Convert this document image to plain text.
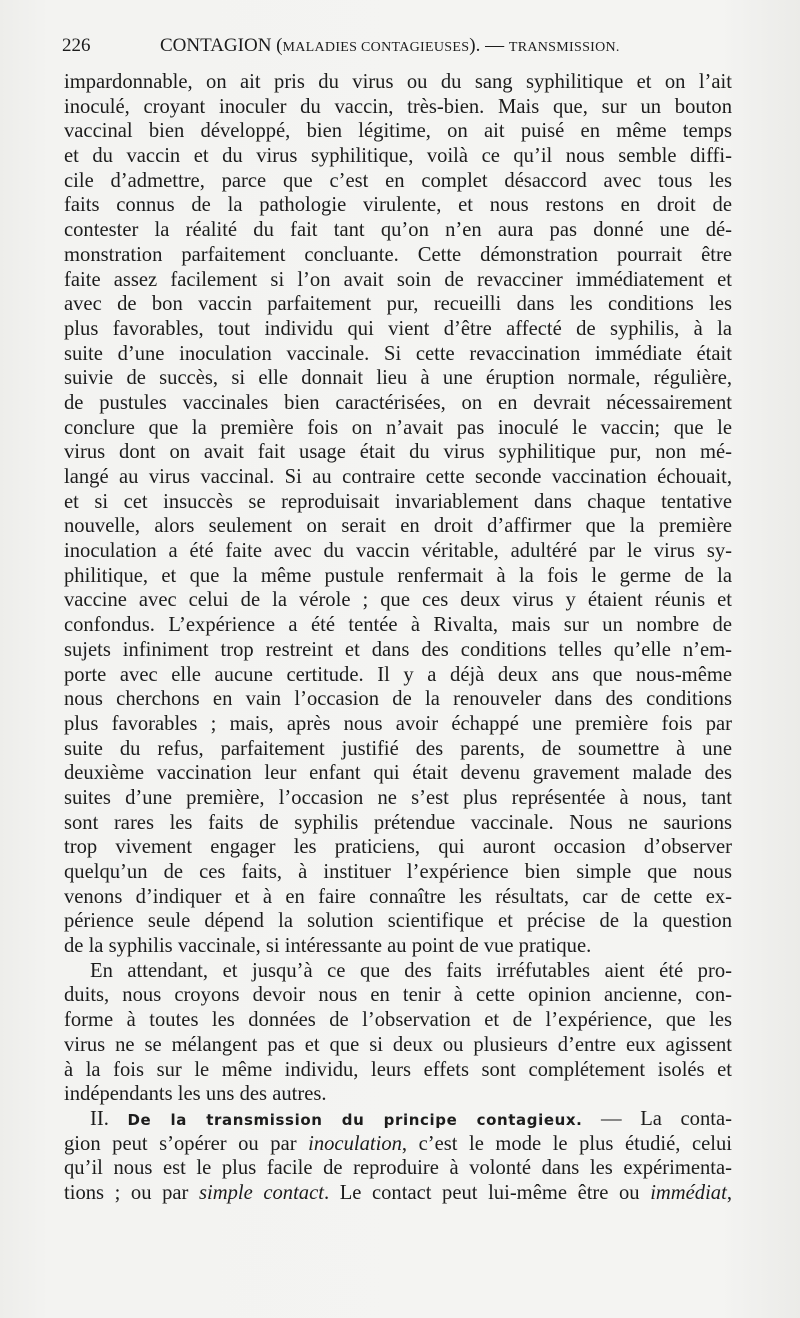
226	CONTAGION (MALADIES CONTAGIEUSES). — TRANSMISSION.
impardonnable, on ait pris du virus ou du sang syphilitique et on l’ait
inoculé, croyant inoculer du vaccin, très-bien. Mais que, sur un bouton
vaccinal bien développé, bien légitime, on ait puisé en même temps
et du vaccin et du virus syphilitique, voilà ce qu’il nous semble diffi-
cile d’admettre, parce que c’est en complet désaccord avec tous les
faits connus de la pathologie virulente, et nous restons en droit de
contester la réalité du fait tant qu’on n’en aura pas donné une dé-
monstration parfaitement concluante. Cette démonstration pourrait être
faite assez facilement si l’on avait soin de revacciner immédiatement et
avec de bon vaccin parfaitement pur, recueilli dans les conditions les
plus favorables, tout individu qui vient d’être affecté de syphilis, à la
suite d’une inoculation vaccinale. Si cette revaccination immédiate était
suivie de succès, si elle donnait lieu à une éruption normale, régulière,
de pustules vaccinales bien caractérisées, on en devrait nécessairement
conclure que la première fois on n’avait pas inoculé le vaccin; que le
virus dont on avait fait usage était du virus syphilitique pur, non mé-
langé au virus vaccinal. Si au contraire cette seconde vaccination échouait,
et si cet insuccès se reproduisait invariablement dans chaque tentative
nouvelle, alors seulement on serait en droit d’affirmer que la première
inoculation a été faite avec du vaccin véritable, adultéré par le virus sy-
philitique, et que la même pustule renfermait à la fois le germe de la
vaccine avec celui de la vérole ; que ces deux virus y étaient réunis et
confondus. L’expérience a été tentée à Rivalta, mais sur un nombre de
sujets infiniment trop restreint et dans des conditions telles qu’elle n’em-
porte avec elle aucune certitude. Il y a déjà deux ans que nous-même
nous cherchons en vain l’occasion de la renouveler dans des conditions
plus favorables ; mais, après nous avoir échappé une première fois par
suite du refus, parfaitement justifié des parents, de soumettre à une
deuxième vaccination leur enfant qui était devenu gravement malade des
suites d’une première, l’occasion ne s’est plus représentée à nous, tant
sont rares les faits de syphilis prétendue vaccinale. Nous ne saurions
trop vivement engager les praticiens, qui auront occasion d’observer
quelqu’un de ces faits, à instituer l’expérience bien simple que nous
venons d’indiquer et à en faire connaître les résultats, car de cette ex-
périence seule dépend la solution scientifique et précise de la question
de la syphilis vaccinale, si intéressante au point de vue pratique.
En attendant, et jusqu’à ce que des faits irréfutables aient été pro-
duits, nous croyons devoir nous en tenir à cette opinion ancienne, con-
forme à toutes les données de l’observation et de l’expérience, que les
virus ne se mélangent pas et que si deux ou plusieurs d’entre eux agissent
à la fois sur le même individu, leurs effets sont complétement isolés et
indépendants les uns des autres.
II. De la transmission du principe contagieux. — La conta-
gion peut s’opérer ou par inoculation, c’est le mode le plus étudié, celui
qu’il nous est le plus facile de reproduire à volonté dans les expérimenta-
tions ; ou par simple contact. Le contact peut lui-même être ou immédiat,
